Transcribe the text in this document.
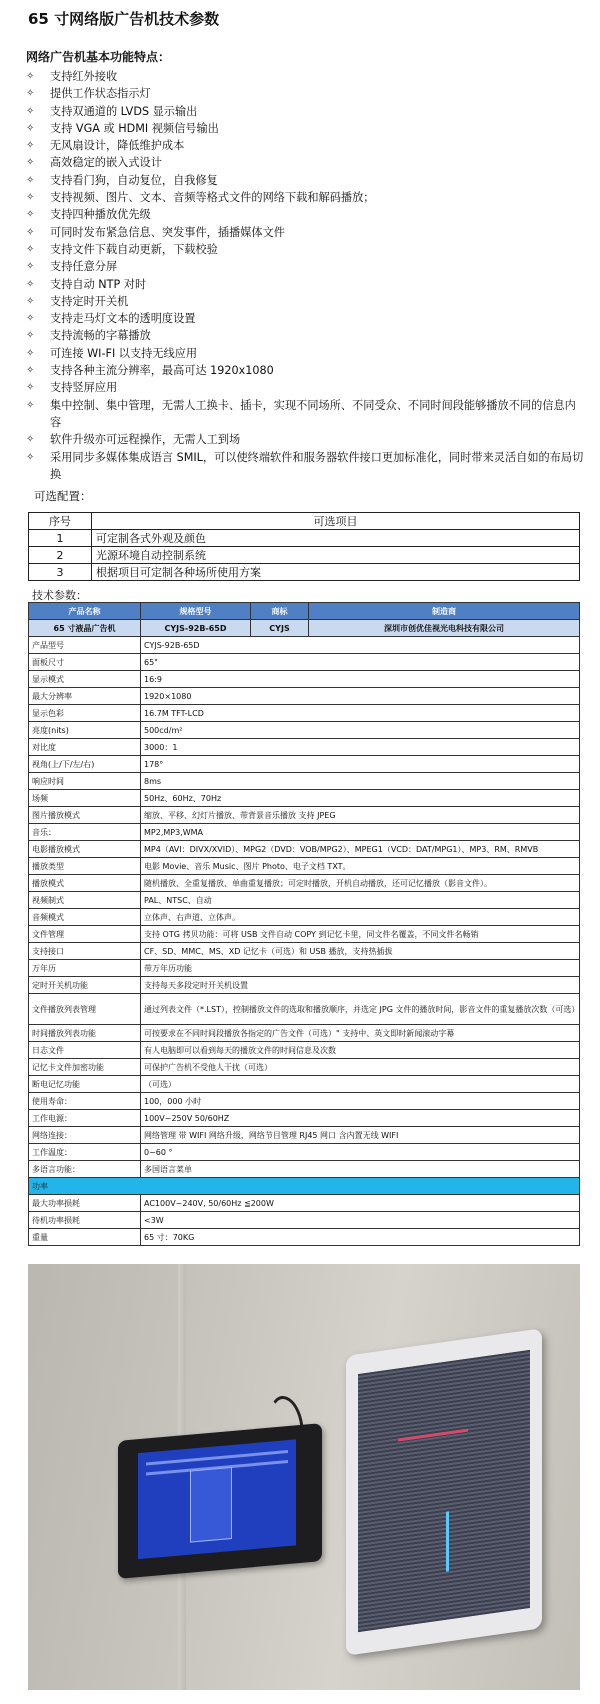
65 寸网络版广告机技术参数
网络广告机基本功能特点：
✧	支持红外接收
✧	提供工作状态指示灯
✧	支持双通道的 LVDS 显示输出
✧	支持 VGA 或 HDMI 视频信号输出
✧	无风扇设计，降低维护成本
✧	高效稳定的嵌入式设计
✧	支持看门狗，自动复位，自我修复
✧	支持视频、图片、文本、音频等格式文件的网络下载和解码播放；
✧	支持四种播放优先级
✧	可同时发布紧急信息、突发事件，插播媒体文件
✧	支持文件下载自动更新，下载校验
✧	支持任意分屏
✧	支持自动 NTP 对时
✧	支持定时开关机
✧	支持走马灯文本的透明度设置
✧	支持流畅的字幕播放
✧	可连接 WI-FI 以支持无线应用
✧	支持各种主流分辨率，最高可达 1920x1080
✧	支持竖屏应用
✧	集中控制、集中管理，无需人工换卡、插卡，实现不同场所、不同受众、不同时间段能够播放不同的信息内容
✧	软件升级亦可远程操作，无需人工到场
✧	采用同步多媒体集成语言 SMIL，可以使终端软件和服务器软件接口更加标准化，同时带来灵活自如的布局切换
可选配置：
序号	可选项目
1	可定制各式外观及颜色
2	光源环境自动控制系统
3	根据项目可定制各种场所使用方案
技术参数：
产品名称	规格型号	商标	制造商
65 寸液晶广告机	CYJS-92B-65D	CYJS	深圳市创优佳视光电科技有限公司
产品型号	CYJS-92B-65D		
面板尺寸	65"		
显示模式	16:9		
最大分辨率	1920×1080		
显示色彩	16.7M TFT-LCD		
亮度(nits)	500cd/m²		
对比度	3000：1		
视角(上/下/左/右)	178°		
响应时间	8ms		
场频	50Hz、60Hz、70Hz		
图片播放模式	缩放、平移、幻灯片播放、带背景音乐播放 支持 JPEG		
音乐：	MP2,MP3,WMA		
电影播放模式	MP4（AVI：DIVX/XVID）、MPG2（DVD：VOB/MPG2）、MPEG1（VCD：DAT/MPG1）、MP3、RM、RMVB		
播放类型	电影 Movie、音乐 Music、图片 Photo、电子文档 TXT。		
播放模式	随机播放、全重复播放、单曲重复播放；可定时播放，开机自动播放，还可记忆播放（影音文件）。		
视频制式	PAL、NTSC、自动		
音频模式	立体声、右声道、立体声。		
文件管理	支持 OTG 拷贝功能：可将 USB 文件自动 COPY 到记忆卡里，同文件名覆盖，不同文件名畅销		
支持接口	CF、SD、MMC、MS、XD 记忆卡（可选）和 USB 播放，支持热插拔		
万年历	带万年历功能		
定时开关机功能	支持每天多段定时开关机设置		
文件播放列表管理	通过列表文件（*.LST），控制播放文件的选取和播放顺序，并选定 JPG 文件的播放时间，影音文件的重复播放次数（可选）		
时间播放列表功能	可按要求在不同时间段播放各指定的广告文件（可选）" 支持中、英文即时新闻滚动字幕		
日志文件	有人电脑即可以看到每天的播放文件的时间信息及次数		
记忆卡文件加密功能	可保护广告机不受他人干扰（可选）		
断电记忆功能	（可选）		
使用寿命：	100，000 小时		
工作电源：	100V~250V 50/60HZ		
网络连接：	网络管理 带 WIFI 网络升级，网络节目管理 RJ45 网口 含内置无线 WIFI		
工作温度：	0~60 °		
多语言功能：	多国语言菜单		
功率			
最大功率损耗	AC100V~240V, 50/60Hz ≦200W		
待机功率损耗	<3W		
重量	65 寸：70KG		
